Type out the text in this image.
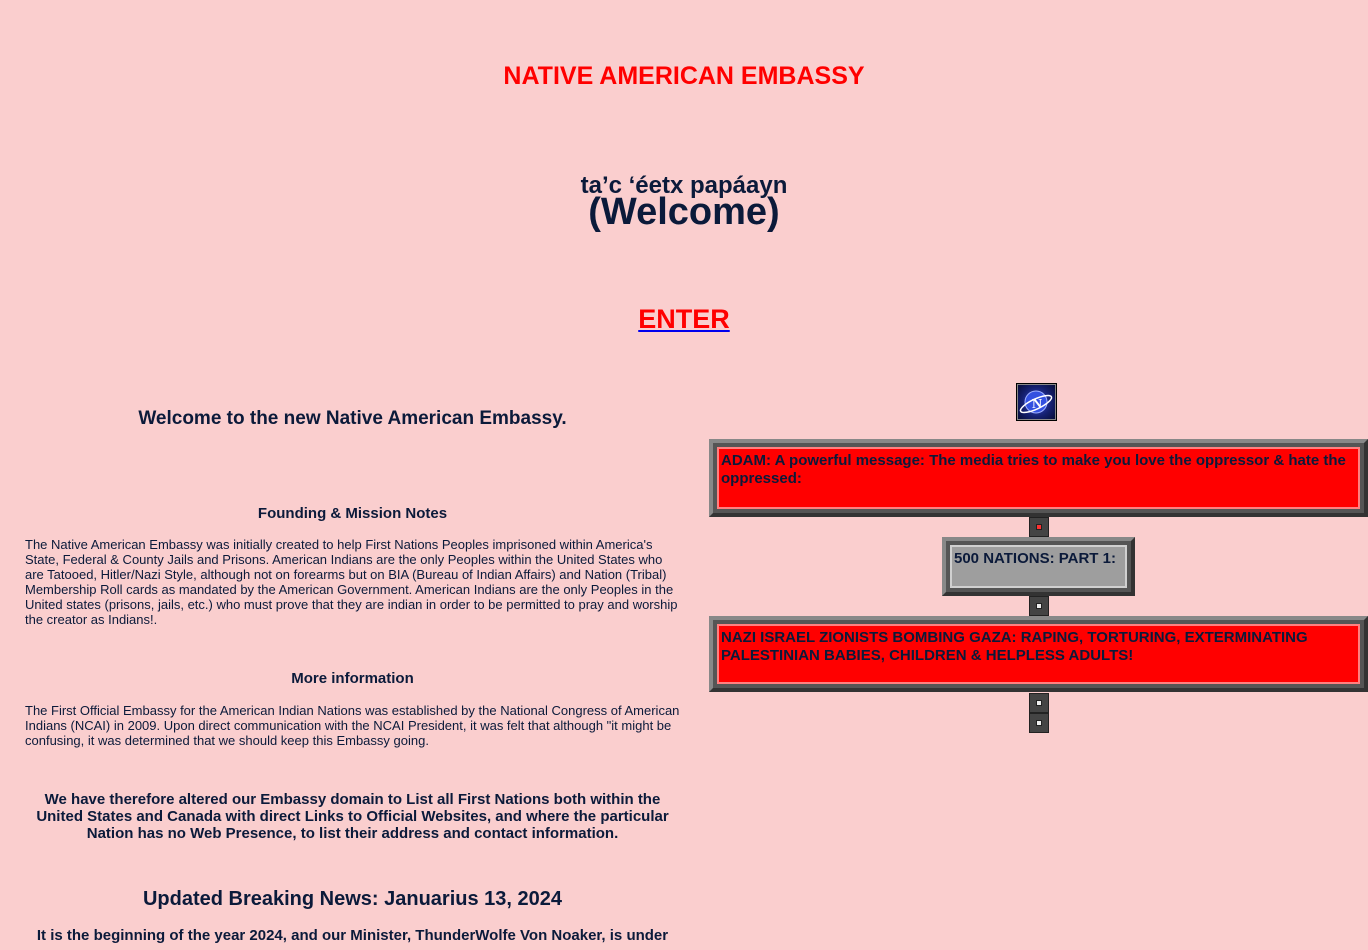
NATIVE AMERICAN EMBASSY
ta’c ‘éetx papáayn
(Welcome)
ENTER
Welcome to the new Native American Embassy.
Founding & Mission Notes
The Native American Embassy was initially created to help First Nations Peoples imprisoned within America's State, Federal & County Jails and Prisons. American Indians are the only Peoples within the United States who are Tatooed, Hitler/Nazi Style, although not on forearms but on BIA (Bureau of Indian Affairs) and Nation (Tribal) Membership Roll cards as mandated by the American Government. American Indians are the only Peoples in the United states (prisons, jails, etc.) who must prove that they are indian in order to be permitted to pray and worship the creator as Indians!.
More information
The First Official Embassy for the American Indian Nations was established by the National Congress of American Indians (NCAI) in 2009. Upon direct communication with the NCAI President, it was felt that although "it might be confusing, it was determined that we should keep this Embassy going.
We have therefore altered our Embassy domain to List all First Nations both within the United States and Canada with direct Links to Official Websites, and where the particular Nation has no Web Presence, to list their address and contact information.
Updated Breaking News: Januarius 13, 2024
It is the beginning of the year 2024, and our Minister, ThunderWolfe Von Noaker, is under
N
ADAM: A powerful message: The media tries to make you love the oppressor & hate the oppressed:
500 NATIONS: PART 1:
NAZI ISRAEL ZIONISTS BOMBING GAZA: RAPING, TORTURING, EXTERMINATING PALESTINIAN BABIES, CHILDREN & HELPLESS ADULTS!
